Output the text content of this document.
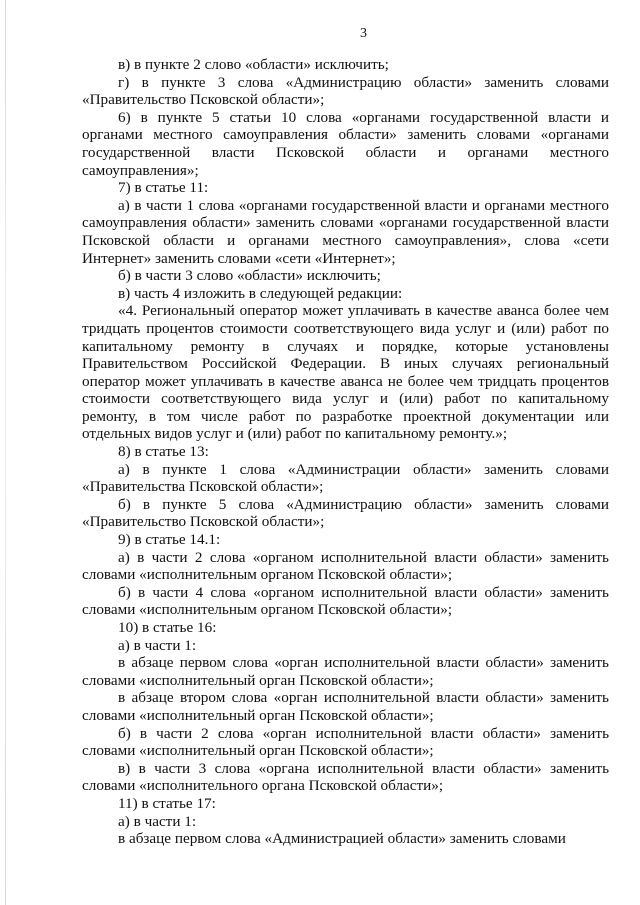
3

в) в пункте 2 слово «области» исключить;

г) в пункте 3 слова «Администрацию области» заменить словами «Правительство Псковской области»;

6) в пункте 5 статьи 10 слова «органами государственной власти и органами местного самоуправления области» заменить словами «органами государственной власти Псковской области и органами местного самоуправления»;

7) в статье 11:

а) в части 1 слова «органами государственной власти и органами местного самоуправления области» заменить словами «органами государственной власти Псковской области и органами местного самоуправления», слова «сети Интернет» заменить словами «сети «Интернет»;

б) в части 3 слово «области» исключить;

в) часть 4 изложить в следующей редакции:

«4. Региональный оператор может уплачивать в качестве аванса более чем тридцать процентов стоимости соответствующего вида услуг и (или) работ по капитальному ремонту в случаях и порядке, которые установлены Правительством Российской Федерации. В иных случаях региональный оператор может уплачивать в качестве аванса не более чем тридцать процентов стоимости соответствующего вида услуг и (или) работ по капитальному ремонту, в том числе работ по разработке проектной документации или отдельных видов услуг и (или) работ по капитальному ремонту.»;

8) в статье 13:

а) в пункте 1 слова «Администрации области» заменить словами «Правительства Псковской области»;

б) в пункте 5 слова «Администрацию области» заменить словами «Правительство Псковской области»;

9) в статье 14.1:

а) в части 2 слова «органом исполнительной власти области» заменить словами «исполнительным органом Псковской области»;

б) в части 4 слова «органом исполнительной власти области» заменить словами «исполнительным органом Псковской области»;

10) в статье 16:

а) в части 1:

в абзаце первом слова «орган исполнительной власти области» заменить словами «исполнительный орган Псковской области»;

в абзаце втором слова «орган исполнительной власти области» заменить словами «исполнительный орган Псковской области»;

б) в части 2 слова «орган исполнительной власти области» заменить словами «исполнительный орган Псковской области»;

в) в части 3 слова «органа исполнительной власти области» заменить словами «исполнительного органа Псковской области»;

11) в статье 17:

а) в части 1:

в абзаце первом слова «Администрацией области» заменить словами
